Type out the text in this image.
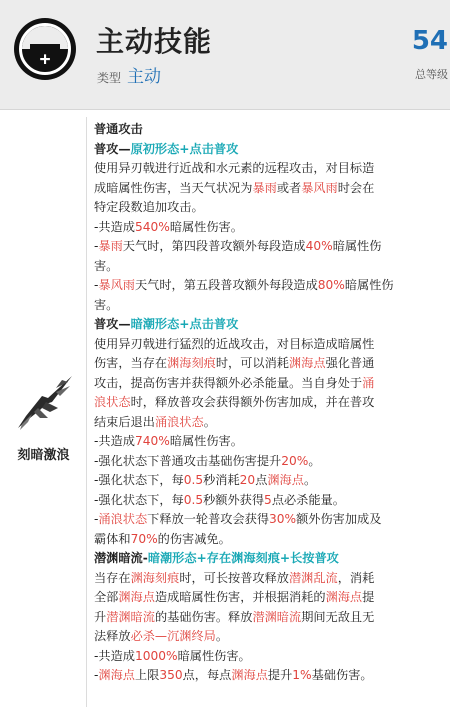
+
主动技能
类型 主动
54
总等级
刻暗激浪
普通攻击
普攻—原初形态+点击普攻
使用异刃戟进行近战和水元素的远程攻击，对目标造
成暗属性伤害，当天气状况为暴雨或者暴风雨时会在
特定段数追加攻击。
-共造成540%暗属性伤害。
-暴雨天气时，第四段普攻额外每段造成40%暗属性伤
害。
-暴风雨天气时，第五段普攻额外每段造成80%暗属性伤
害。
普攻—暗潮形态+点击普攻
使用异刃戟进行猛烈的近战攻击，对目标造成暗属性
伤害，当存在渊海刻痕时，可以消耗渊海点强化普通
攻击，提高伤害并获得额外必杀能量。当自身处于涌
浪状态时，释放普攻会获得额外伤害加成，并在普攻
结束后退出涌浪状态。
-共造成740%暗属性伤害。
-强化状态下普通攻击基础伤害提升20%。
-强化状态下，每0.5秒消耗20点渊海点。
-强化状态下，每0.5秒额外获得5点必杀能量。
-涌浪状态下释放一轮普攻会获得30%额外伤害加成及
霸体和70%的伤害减免。
潜渊暗流-暗潮形态+存在渊海刻痕+长按普攻
当存在渊海刻痕时，可长按普攻释放潜渊乱流，消耗
全部渊海点造成暗属性伤害，并根据消耗的渊海点提
升潜渊暗流的基础伤害。释放潜渊暗流期间无敌且无
法释放必杀—沉渊终局。
-共造成1000%暗属性伤害。
-渊海点上限350点，每点渊海点提升1%基础伤害。
